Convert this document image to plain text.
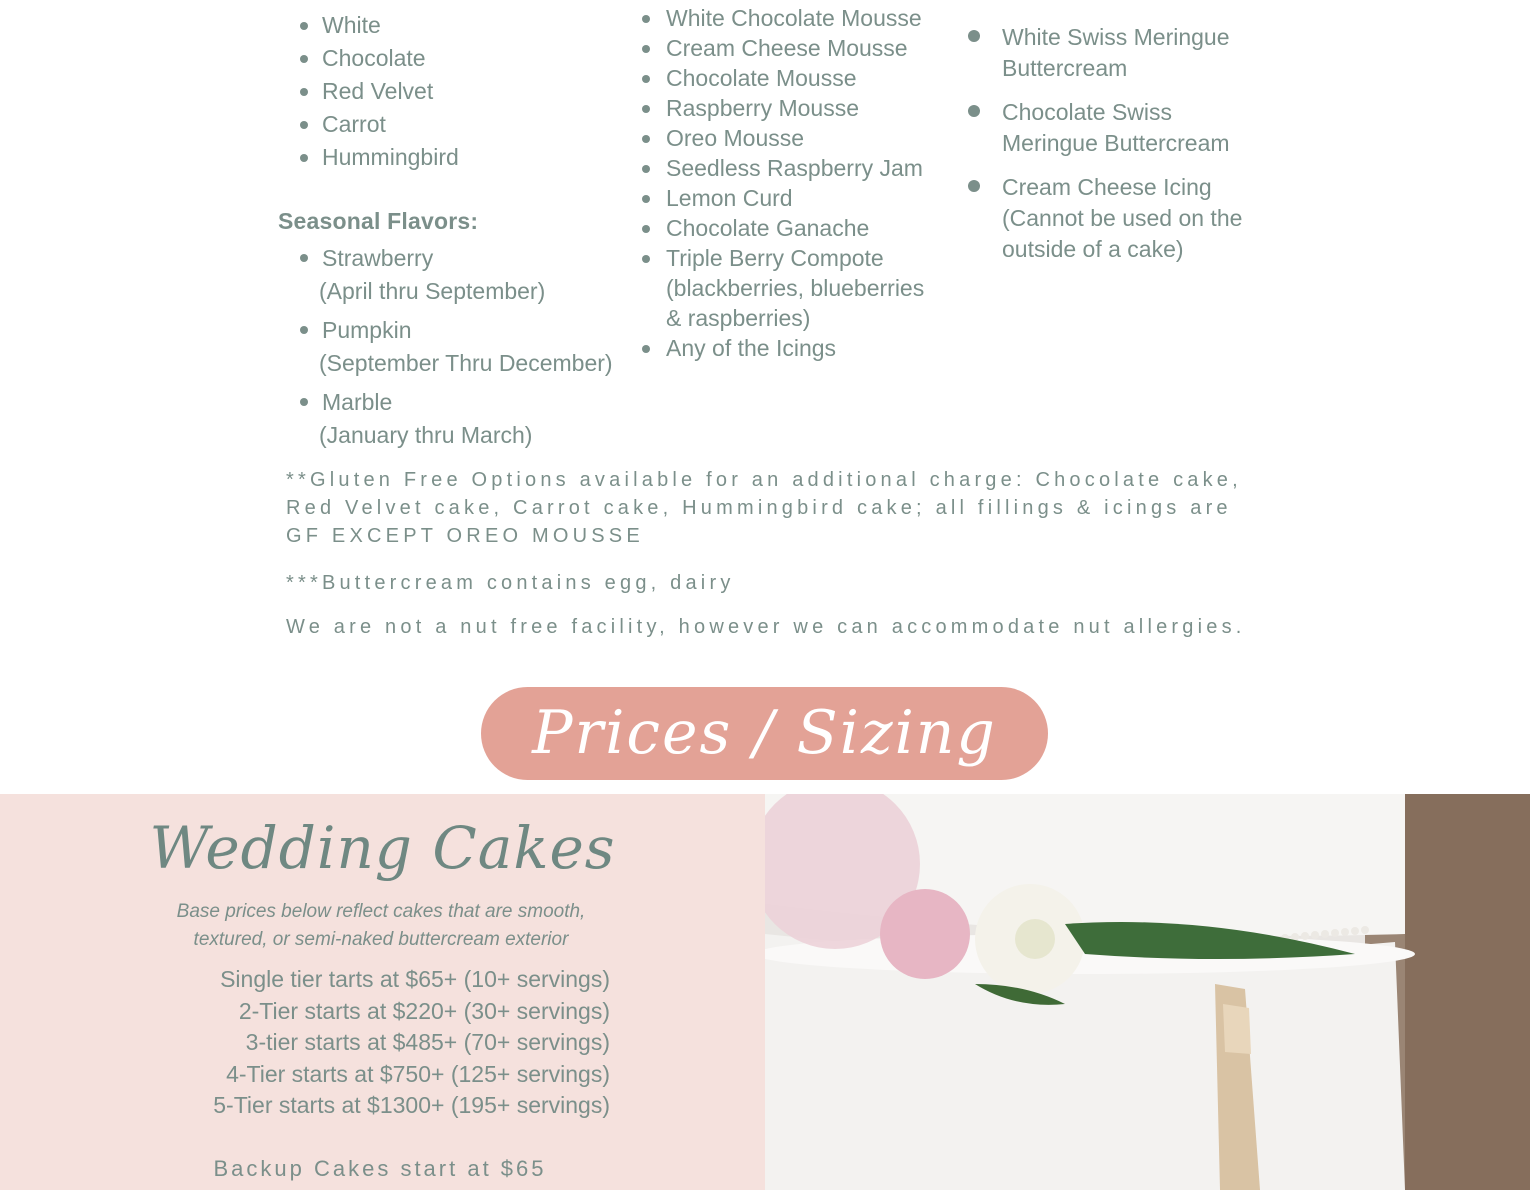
White
Chocolate
Red Velvet
Carrot
Hummingbird
Seasonal Flavors:
Strawberry
(April thru September)
Pumpkin
(September Thru December)
Marble
(January thru March)
White Chocolate Mousse
Cream Cheese Mousse
Chocolate Mousse
Raspberry Mousse
Oreo Mousse
Seedless Raspberry Jam
Lemon Curd
Chocolate Ganache
Triple Berry Compote (blackberries, blueberries & raspberries)
Any of the Icings
White Swiss Meringue Buttercream
Chocolate Swiss Meringue Buttercream
Cream Cheese Icing (Cannot be used on the outside of a cake)
**Gluten Free Options available for an additional charge: Chocolate cake, Red Velvet cake, Carrot cake, Hummingbird cake; all fillings & icings are GF EXCEPT OREO MOUSSE
***Buttercream contains egg, dairy
We are not a nut free facility, however we can accommodate nut allergies.
Prices / Sizing
Wedding Cakes
Base prices below reflect cakes that are smooth, textured, or semi-naked buttercream exterior
Single tier tarts at $65+ (10+ servings)
2-Tier starts at $220+ (30+ servings)
3-tier starts at $485+ (70+ servings)
4-Tier starts at $750+ (125+ servings)
5-Tier starts at $1300+ (195+ servings)
Backup Cakes start at $65
